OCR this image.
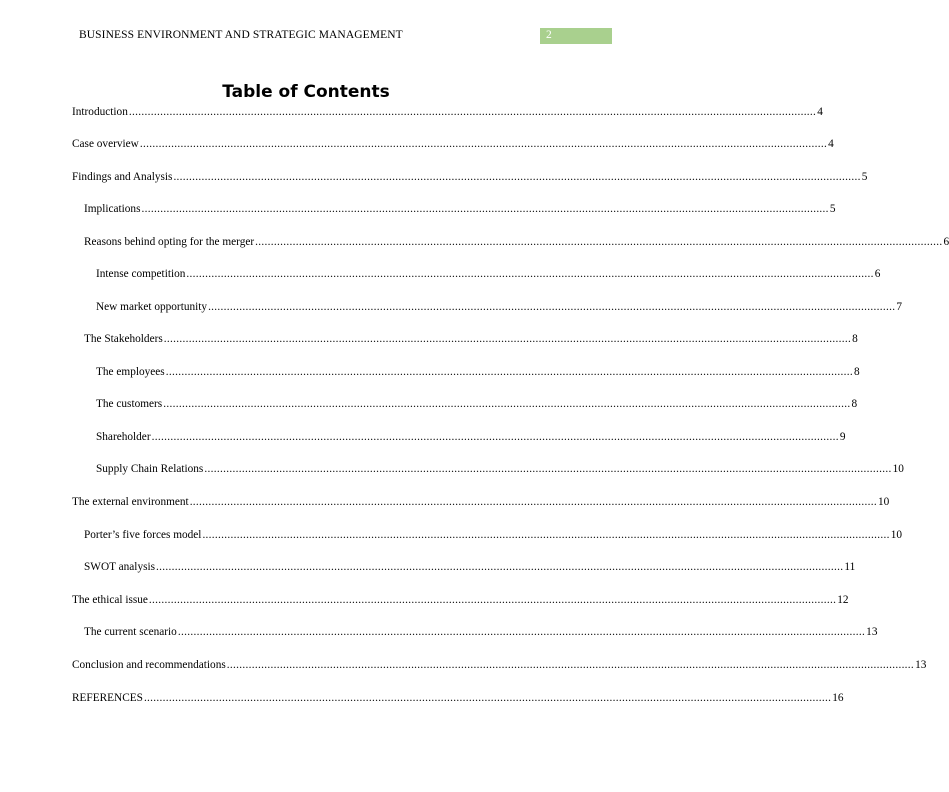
BUSINESS ENVIRONMENT AND STRATEGIC MANAGEMENT	2
Table of Contents
Introduction ............................................................................................................................................................................................................................ 4
Case overview ............................................................................................................................................................................................................................ 4
Findings and Analysis ............................................................................................................................................................................................................................ 5
Implications ............................................................................................................................................................................................................................ 5
Reasons behind opting for the merger ............................................................................................................................................................................................................................ 6
Intense competition ............................................................................................................................................................................................................................ 6
New market opportunity ............................................................................................................................................................................................................................ 7
The Stakeholders ............................................................................................................................................................................................................................ 8
The employees ............................................................................................................................................................................................................................ 8
The customers ............................................................................................................................................................................................................................ 8
Shareholder ............................................................................................................................................................................................................................ 9
Supply Chain Relations ............................................................................................................................................................................................................................ 10
The external environment ............................................................................................................................................................................................................................ 10
Porter’s five forces model ............................................................................................................................................................................................................................ 10
SWOT analysis ............................................................................................................................................................................................................................ 11
The ethical issue ............................................................................................................................................................................................................................ 12
The current scenario ............................................................................................................................................................................................................................ 13
Conclusion and recommendations ............................................................................................................................................................................................................................ 13
REFERENCES ............................................................................................................................................................................................................................ 16
